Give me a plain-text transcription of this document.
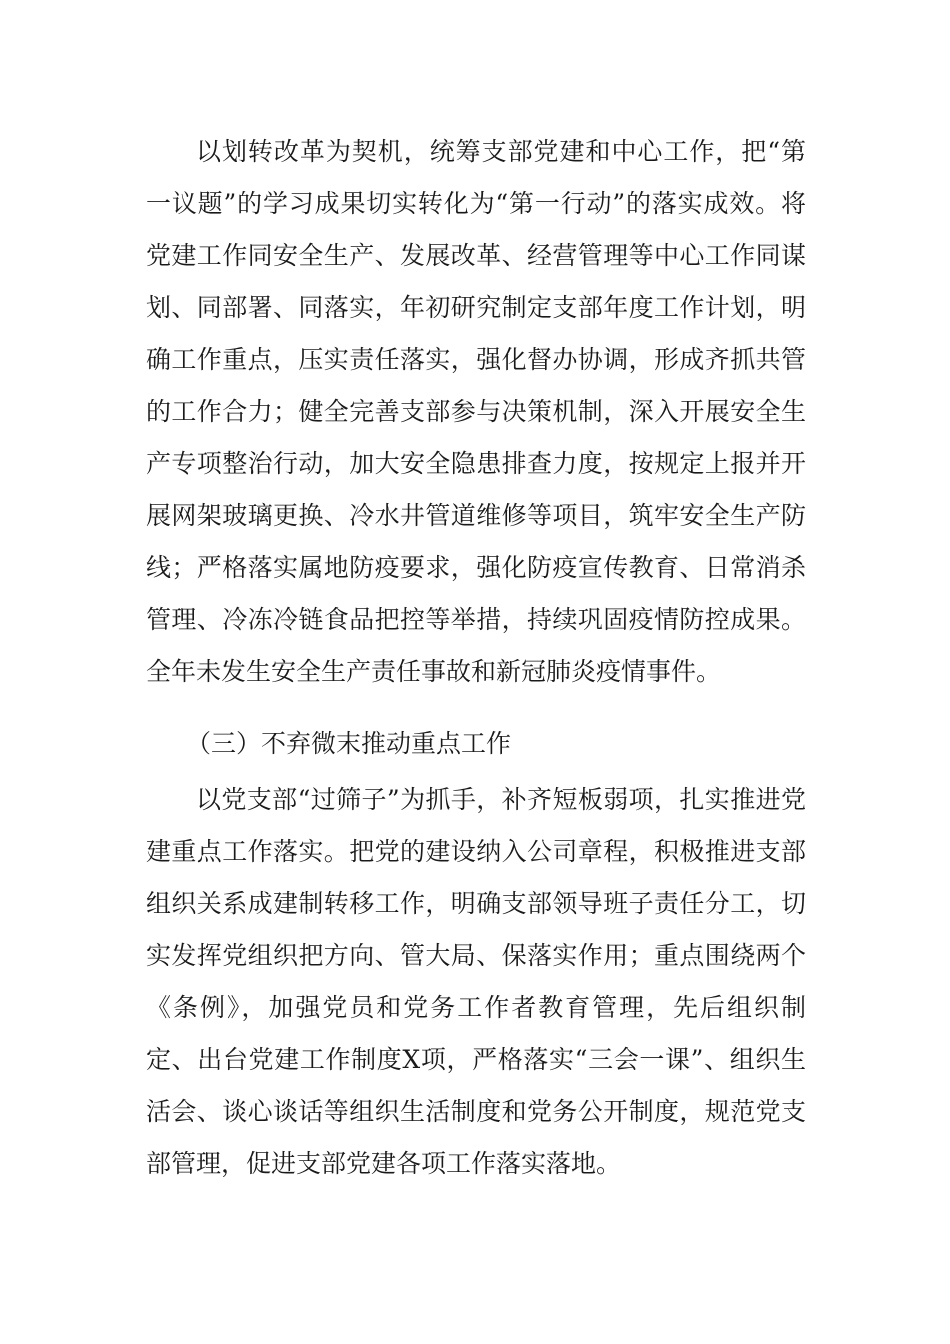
以划转改革为契机，统筹支部党建和中心工作，把“第一议题”的学习成果切实转化为“第一行动”的落实成效。将党建工作同安全生产、发展改革、经营管理等中心工作同谋划、同部署、同落实，年初研究制定支部年度工作计划，明确工作重点，压实责任落实，强化督办协调，形成齐抓共管的工作合力；健全完善支部参与决策机制，深入开展安全生产专项整治行动，加大安全隐患排查力度，按规定上报并开展网架玻璃更换、冷水井管道维修等项目，筑牢安全生产防线；严格落实属地防疫要求，强化防疫宣传教育、日常消杀管理、冷冻冷链食品把控等举措，持续巩固疫情防控成果。全年未发生安全生产责任事故和新冠肺炎疫情事件。

（三）不弃微末推动重点工作

以党支部“过筛子”为抓手，补齐短板弱项，扎实推进党建重点工作落实。把党的建设纳入公司章程，积极推进支部组织关系成建制转移工作，明确支部领导班子责任分工，切实发挥党组织把方向、管大局、保落实作用；重点围绕两个《条例》，加强党员和党务工作者教育管理，先后组织制定、出台党建工作制度X项，严格落实“三会一课”、组织生活会、谈心谈话等组织生活制度和党务公开制度，规范党支部管理，促进支部党建各项工作落实落地。
